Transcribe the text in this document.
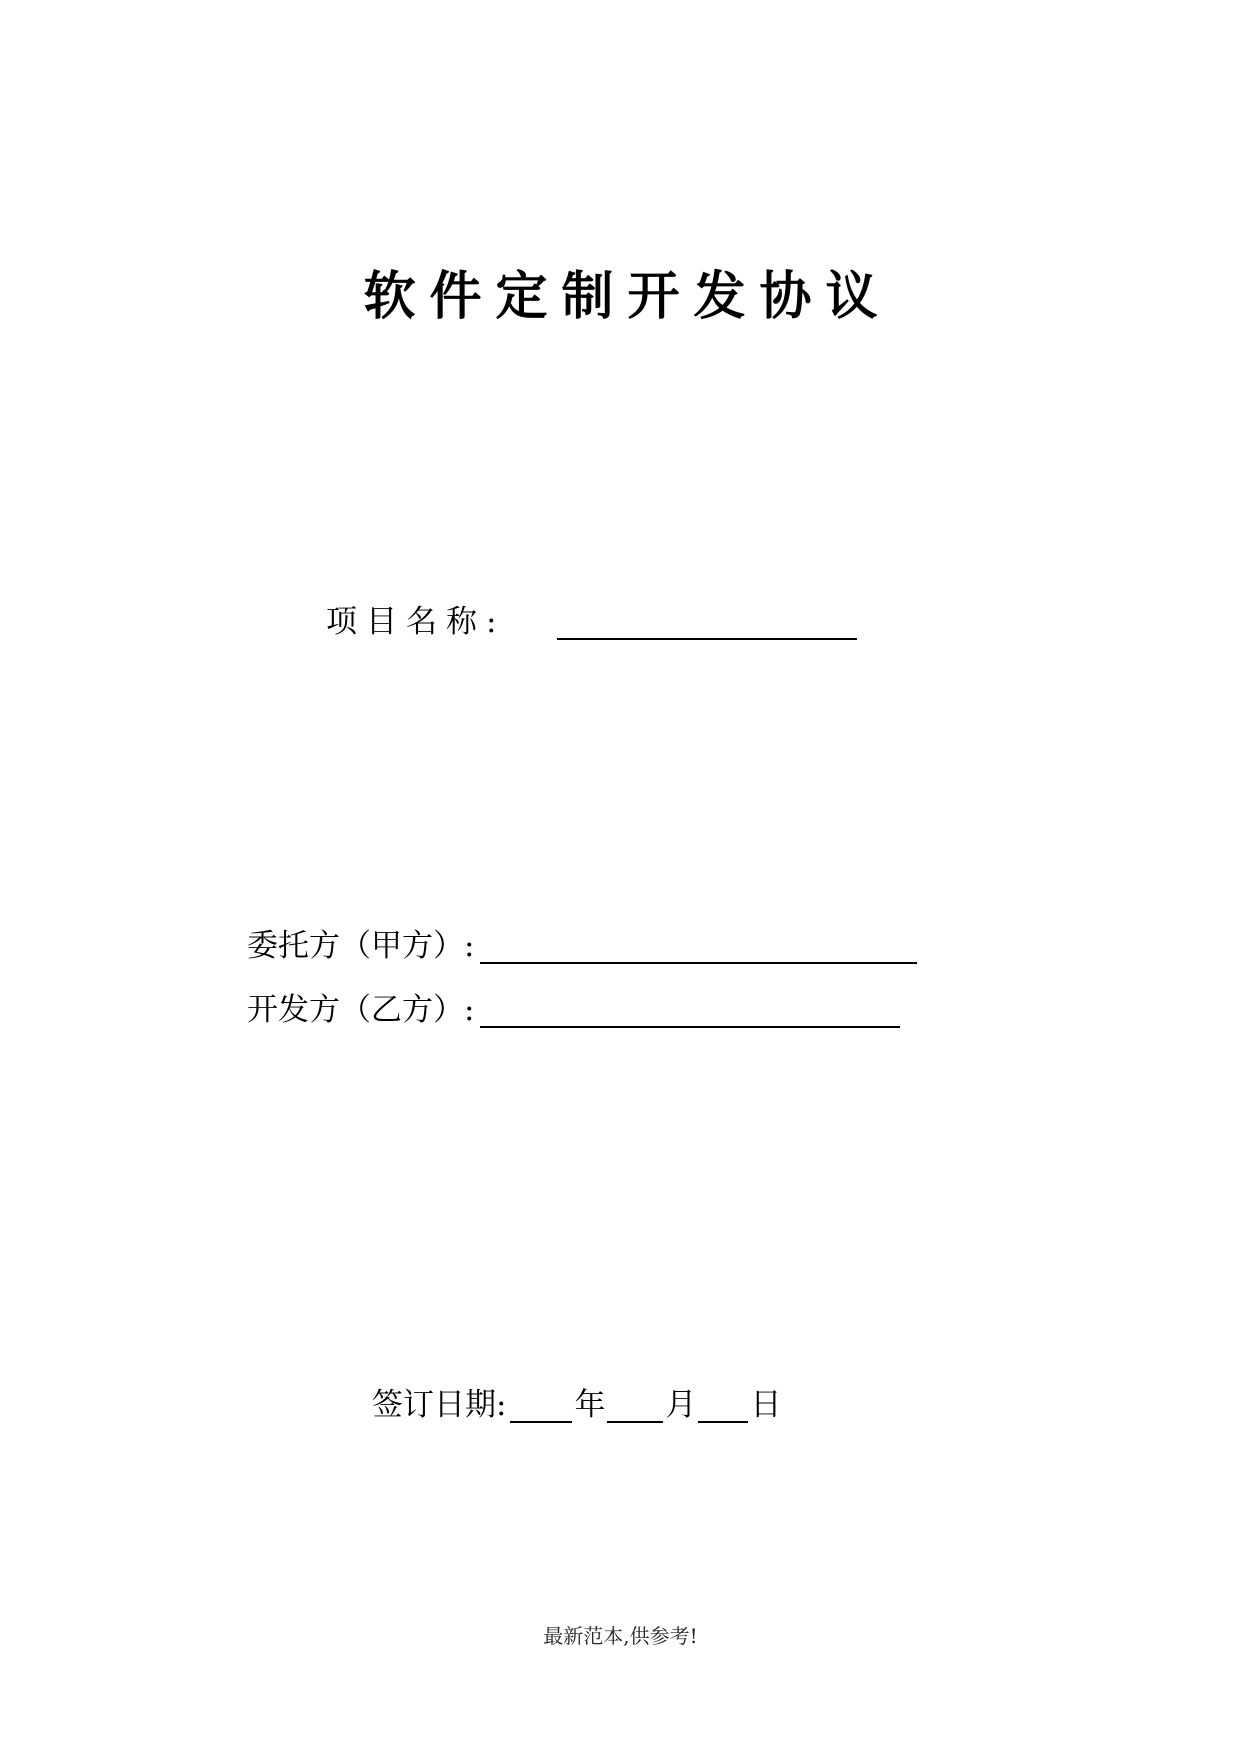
软件定制开发协议
项目名称:
委托方（甲方）:
开发方（乙方）:
签订日期: 年 月 日
最新范本,供参考!
